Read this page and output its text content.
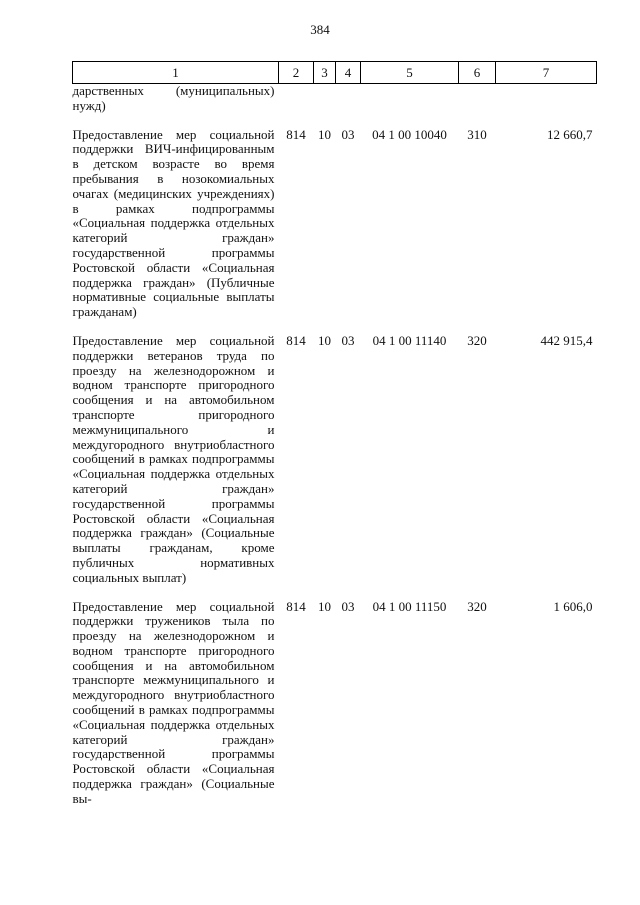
384
1	2	3	4	5	6	7
дарственных (муниципальных) нужд)						
Предоставление мер социальной поддержки ВИЧ-инфицированным в детском возрасте во время пребывания в нозокомиальных очагах (медицинских учреждениях) в рамках подпрограммы «Социальная поддержка отдельных категорий граждан» государственной программы Ростовской области «Социальная поддержка граждан» (Публичные нормативные социальные выплаты гражданам)	814	10	03	04 1 00 10040	310	12 660,7
Предоставление мер социальной поддержки ветеранов труда по проезду на железнодорожном и водном транспорте пригородного сообщения и на автомобильном транспорте пригородного межмуниципального и междугородного внутриобластного сообщений в рамках подпрограммы «Социальная поддержка отдельных категорий граждан» государственной программы Ростовской области «Социальная поддержка граждан» (Социальные выплаты гражданам, кроме публичных нормативных социальных выплат)	814	10	03	04 1 00 11140	320	442 915,4
Предоставление мер социальной поддержки тружеников тыла по проезду на железнодорожном и водном транспорте пригородного сообщения и на автомобильном транспорте межмуниципального и междугородного внутриобластного сообщений в рамках подпрограммы «Социальная поддержка отдельных категорий граждан» государственной программы Ростовской области «Социальная поддержка граждан» (Социальные вы-	814	10	03	04 1 00 11150	320	1 606,0
